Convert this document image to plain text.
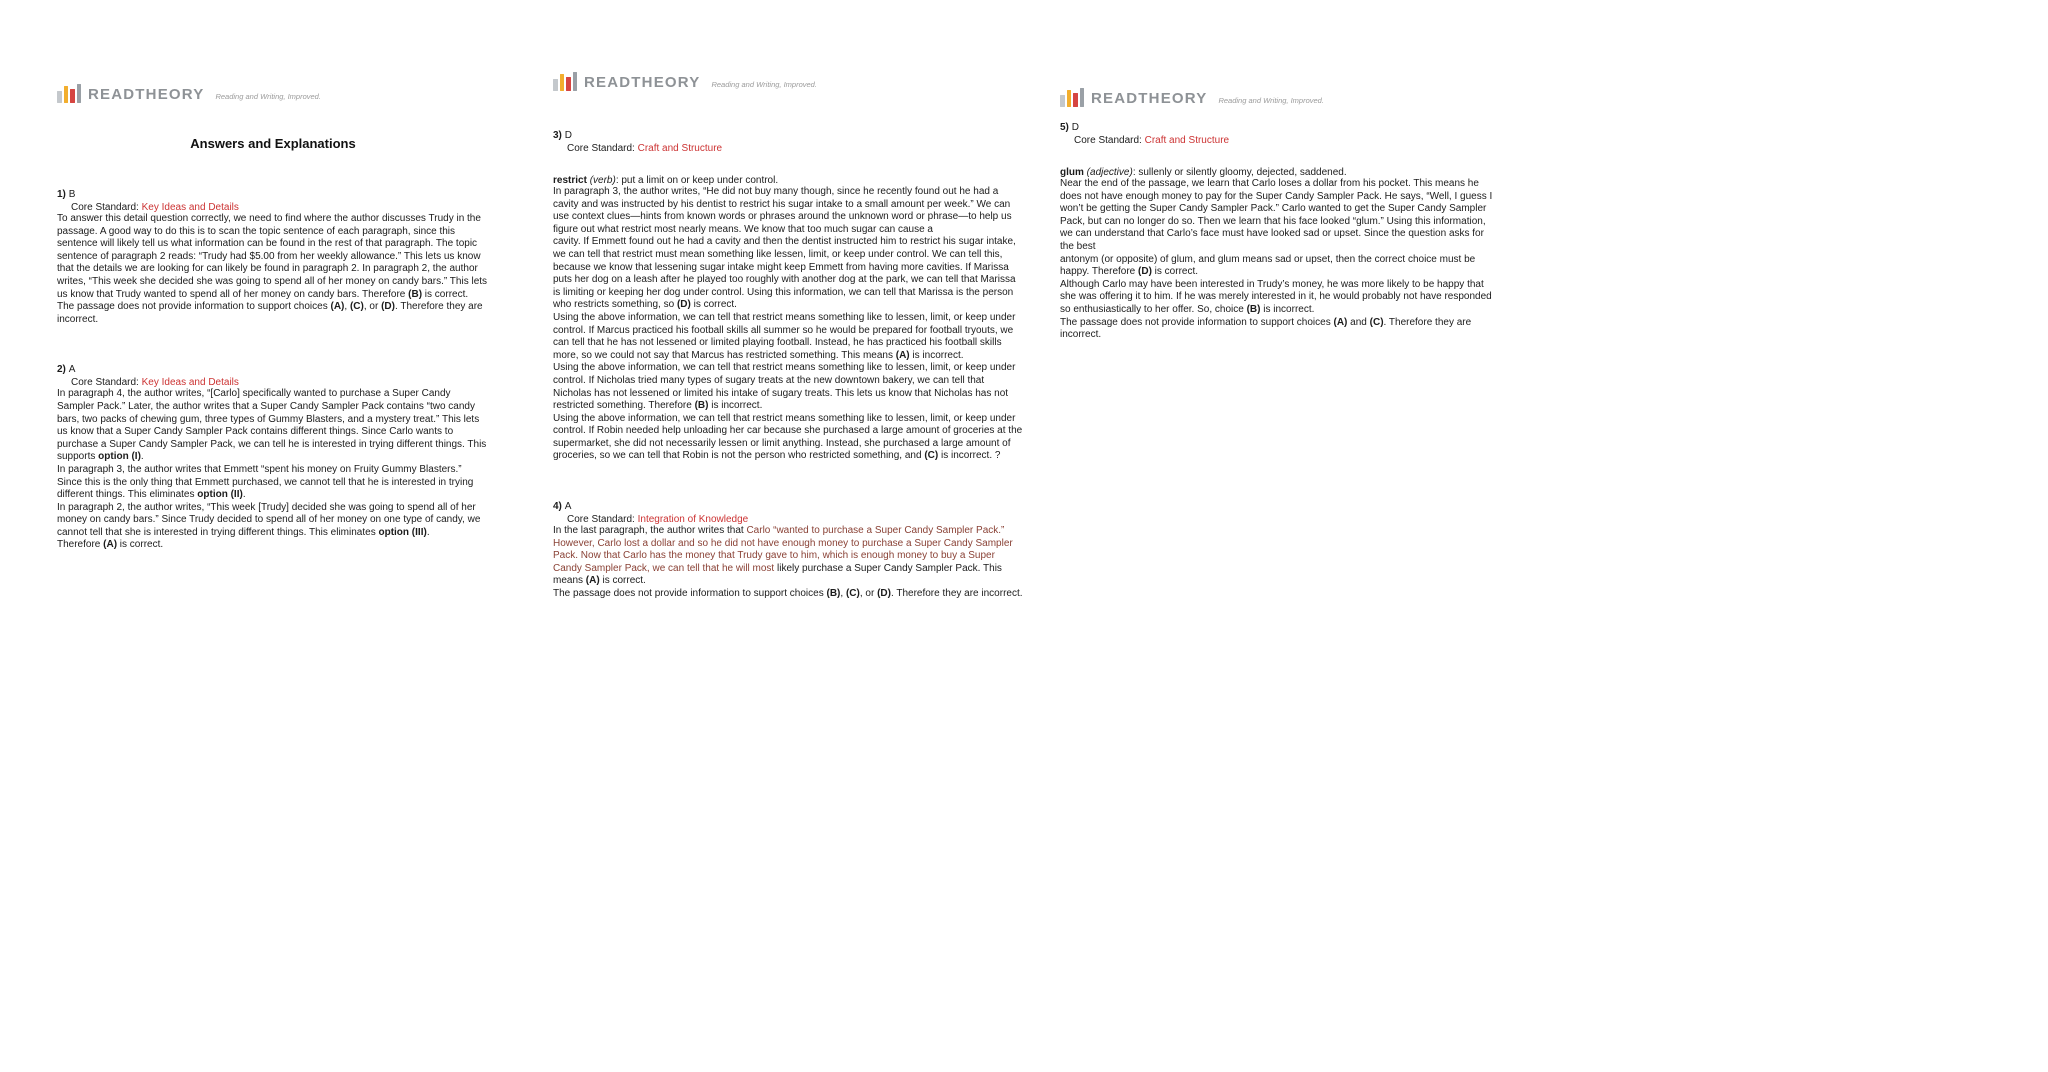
READTHEORY Reading and Writing, Improved.
Answers and Explanations
1) B
Core Standard: Key Ideas and Details

To answer this detail question correctly, we need to find where the author discusses Trudy in the passage. A good way to do this is to scan the topic sentence of each paragraph, since this sentence will likely tell us what information can be found in the rest of that paragraph. The topic sentence of paragraph 2 reads: “Trudy had $5.00 from her weekly allowance.” This lets us know that the details we are looking for can likely be found in paragraph 2. In paragraph 2, the author writes, “This week she decided she was going to spend all of her money on candy bars.” This lets us know that Trudy wanted to spend all of her money on candy bars. Therefore (B) is correct.

The passage does not provide information to support choices (A), (C), or (D). Therefore they are incorrect.

2) A
Core Standard: Key Ideas and Details

In paragraph 4, the author writes, “[Carlo] specifically wanted to purchase a Super Candy Sampler Pack.” Later, the author writes that a Super Candy Sampler Pack contains “two candy bars, two packs of chewing gum, three types of Gummy Blasters, and a mystery treat.” This lets us know that a Super Candy Sampler Pack contains different things. Since Carlo wants to purchase a Super Candy Sampler Pack, we can tell he is interested in trying different things. This supports option (I).

In paragraph 3, the author writes that Emmett “spent his money on Fruity Gummy Blasters.” Since this is the only thing that Emmett purchased, we cannot tell that he is interested in trying different things. This eliminates option (II).

In paragraph 2, the author writes, “This week [Trudy] decided she was going to spend all of her money on candy bars.” Since Trudy decided to spend all of her money on one type of candy, we cannot tell that she is interested in trying different things. This eliminates option (III).

Therefore (A) is correct.

READTHEORY Reading and Writing, Improved.
3) D
Core Standard: Craft and Structure

restrict (verb): put a limit on or keep under control.

In paragraph 3, the author writes, “He did not buy many though, since he recently found out he had a cavity and was instructed by his dentist to restrict his sugar intake to a small amount per week.” We can use context clues—hints from known words or phrases around the unknown word or phrase—to help us figure out what restrict most nearly means. We know that too much sugar can cause a

cavity. If Emmett found out he had a cavity and then the dentist instructed him to restrict his sugar intake, we can tell that restrict must mean something like lessen, limit, or keep under control. We can tell this, because we know that lessening sugar intake might keep Emmett from having more cavities. If Marissa puts her dog on a leash after he played too roughly with another dog at the park, we can tell that Marissa is limiting or keeping her dog under control. Using this information, we can tell that Marissa is the person who restricts something, so (D) is correct.

Using the above information, we can tell that restrict means something like to lessen, limit, or keep under control. If Marcus practiced his football skills all summer so he would be prepared for football tryouts, we can tell that he has not lessened or limited playing football. Instead, he has practiced his football skills more, so we could not say that Marcus has restricted something. This means (A) is incorrect.

Using the above information, we can tell that restrict means something like to lessen, limit, or keep under control. If Nicholas tried many types of sugary treats at the new downtown bakery, we can tell that Nicholas has not lessened or limited his intake of sugary treats. This lets us know that Nicholas has not restricted something. Therefore (B) is incorrect.

Using the above information, we can tell that restrict means something like to lessen, limit, or keep under control. If Robin needed help unloading her car because she purchased a large amount of groceries at the supermarket, she did not necessarily lessen or limit anything. Instead, she purchased a large amount of groceries, so we can tell that Robin is not the person who restricted something, and (C) is incorrect. ?

4) A
Core Standard: Integration of Knowledge

In the last paragraph, the author writes that Carlo “wanted to purchase a Super Candy Sampler Pack.” However, Carlo lost a dollar and so he did not have enough money to purchase a Super Candy Sampler Pack. Now that Carlo has the money that Trudy gave to him, which is enough money to buy a Super Candy Sampler Pack, we can tell that he will most likely purchase a Super Candy Sampler Pack. This means (A) is correct.

The passage does not provide information to support choices (B), (C), or (D). Therefore they are incorrect.

READTHEORY Reading and Writing, Improved.
5) D
Core Standard: Craft and Structure

glum (adjective): sullenly or silently gloomy, dejected, saddened.

Near the end of the passage, we learn that Carlo loses a dollar from his pocket. This means he does not have enough money to pay for the Super Candy Sampler Pack. He says, “Well, I guess I won’t be getting the Super Candy Sampler Pack.” Carlo wanted to get the Super Candy Sampler Pack, but can no longer do so. Then we learn that his face looked “glum.” Using this information, we can understand that Carlo’s face must have looked sad or upset. Since the question asks for the best

antonym (or opposite) of glum, and glum means sad or upset, then the correct choice must be happy. Therefore (D) is correct.

Although Carlo may have been interested in Trudy’s money, he was more likely to be happy that she was offering it to him. If he was merely interested in it, he would probably not have responded so enthusiastically to her offer. So, choice (B) is incorrect.

The passage does not provide information to support choices (A) and (C). Therefore they are incorrect.
